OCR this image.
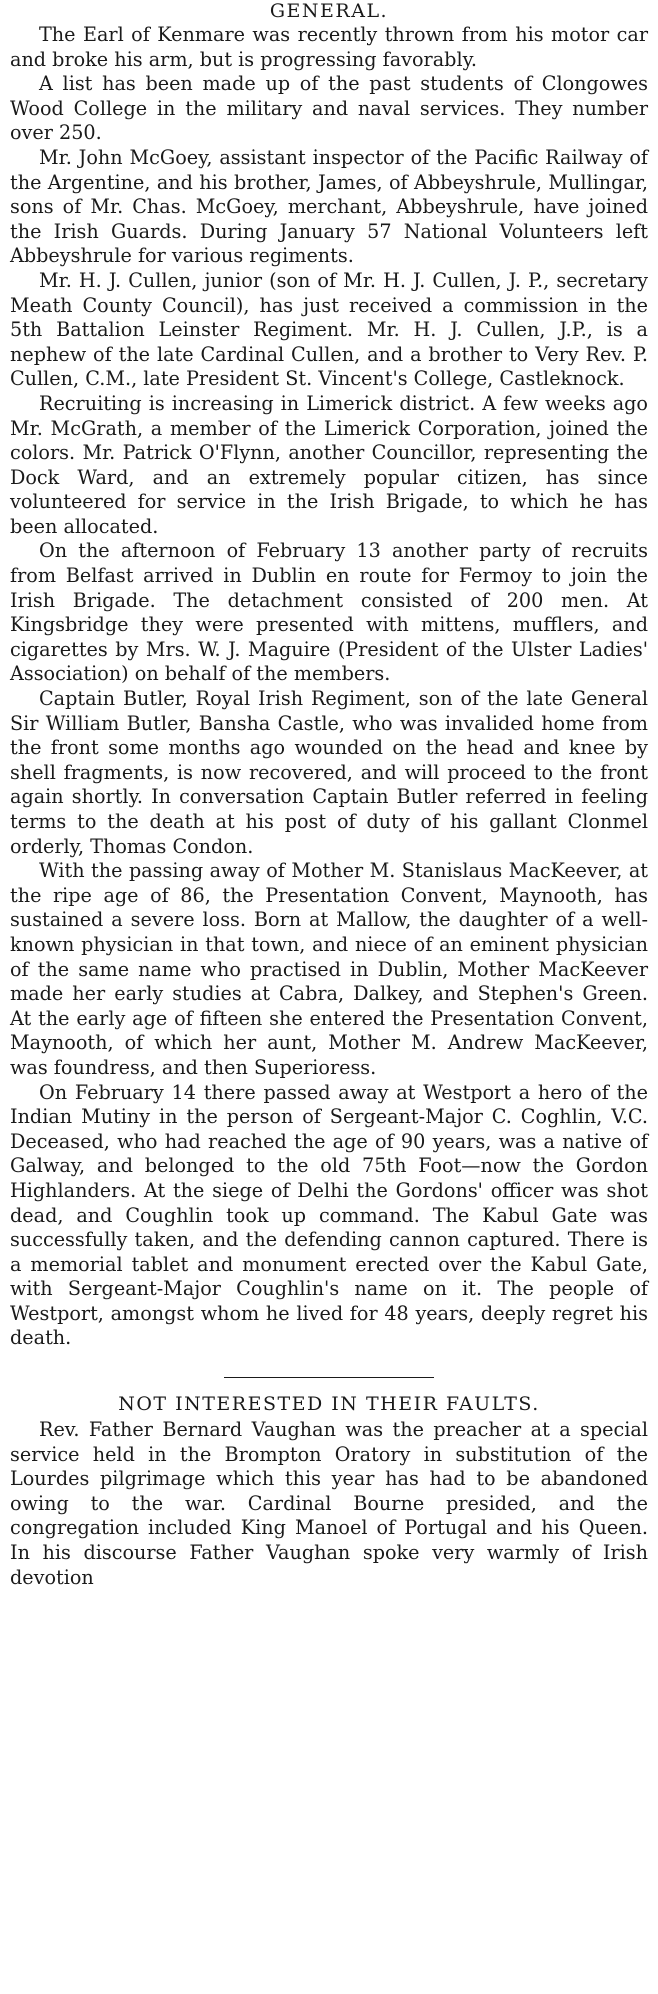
GENERAL.

The Earl of Kenmare was recently thrown from his motor car and broke his arm, but is progressing favorably.

A list has been made up of the past students of Clongowes Wood College in the military and naval services. They number over 250.

Mr. John McGoey, assistant inspector of the Pacific Railway of the Argentine, and his brother, James, of Abbeyshrule, Mullingar, sons of Mr. Chas. McGoey, merchant, Abbeyshrule, have joined the Irish Guards. During January 57 National Volunteers left Abbeyshrule for various regiments.

Mr. H. J. Cullen, junior (son of Mr. H. J. Cullen, J. P., secretary Meath County Council), has just received a commission in the 5th Battalion Leinster Regiment. Mr. H. J. Cullen, J.P., is a nephew of the late Cardinal Cullen, and a brother to Very Rev. P. Cullen, C.M., late President St. Vincent's College, Castleknock.

Recruiting is increasing in Limerick district. A few weeks ago Mr. McGrath, a member of the Limerick Corporation, joined the colors. Mr. Patrick O'Flynn, another Councillor, representing the Dock Ward, and an extremely popular citizen, has since volunteered for service in the Irish Brigade, to which he has been allocated.

On the afternoon of February 13 another party of recruits from Belfast arrived in Dublin en route for Fermoy to join the Irish Brigade. The detachment consisted of 200 men. At Kingsbridge they were presented with mittens, mufflers, and cigarettes by Mrs. W. J. Maguire (President of the Ulster Ladies' Association) on behalf of the members.

Captain Butler, Royal Irish Regiment, son of the late General Sir William Butler, Bansha Castle, who was invalided home from the front some months ago wounded on the head and knee by shell fragments, is now recovered, and will proceed to the front again shortly. In conversation Captain Butler referred in feeling terms to the death at his post of duty of his gallant Clonmel orderly, Thomas Condon.

With the passing away of Mother M. Stanislaus MacKeever, at the ripe age of 86, the Presentation Convent, Maynooth, has sustained a severe loss. Born at Mallow, the daughter of a well-known physician in that town, and niece of an eminent physician of the same name who practised in Dublin, Mother MacKeever made her early studies at Cabra, Dalkey, and Stephen's Green. At the early age of fifteen she entered the Presentation Convent, Maynooth, of which her aunt, Mother M. Andrew MacKeever, was foundress, and then Superioress.

On February 14 there passed away at Westport a hero of the Indian Mutiny in the person of Sergeant-Major C. Coghlin, V.C. Deceased, who had reached the age of 90 years, was a native of Galway, and belonged to the old 75th Foot—now the Gordon Highlanders. At the siege of Delhi the Gordons' officer was shot dead, and Coughlin took up command. The Kabul Gate was successfully taken, and the defending cannon captured. There is a memorial tablet and monument erected over the Kabul Gate, with Sergeant-Major Coughlin's name on it. The people of Westport, amongst whom he lived for 48 years, deeply regret his death.

NOT INTERESTED IN THEIR FAULTS.

Rev. Father Bernard Vaughan was the preacher at a special service held in the Brompton Oratory in substitution of the Lourdes pilgrimage which this year has had to be abandoned owing to the war. Cardinal Bourne presided, and the congregation included King Manoel of Portugal and his Queen. In his discourse Father Vaughan spoke very warmly of Irish devotion
